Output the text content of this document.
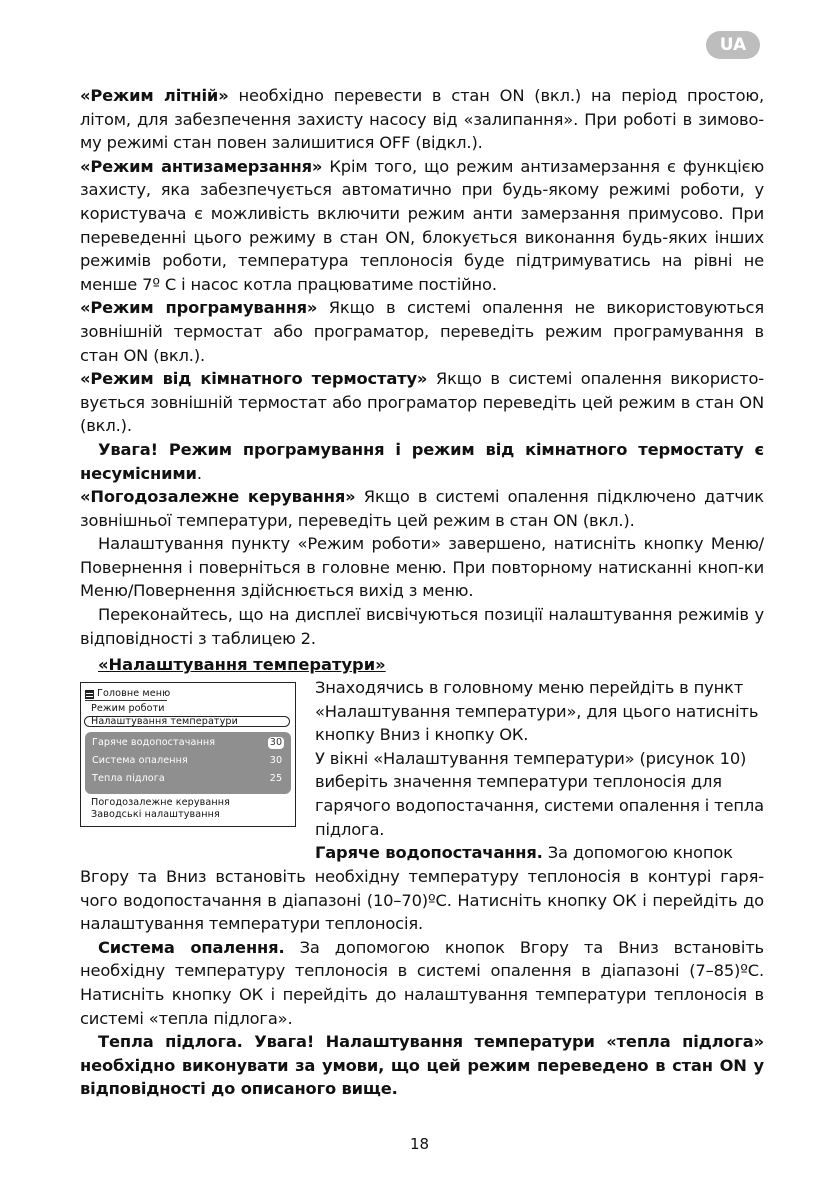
UA

«Режим літній» необхідно перевести в стан ON (вкл.) на період простою, літом, для забезпечення захисту насосу від «залипання». При роботі в зимово-му режимі стан повен залишитися OFF (відкл.).

«Режим антизамерзання» Крім того, що режим антизамерзання є функцією захисту, яка забезпечується автоматично при будь-якому режимі роботи, у користувача є можливість включити режим анти замерзання примусово. При переведенні цього режиму в стан ON, блокується виконання будь-яких інших режимів роботи, температура теплоносія буде підтримуватись на рівні не менше 7º С і насос котла працюватиме постійно.

«Режим програмування» Якщо в системі опалення не використовуються зовнішній термостат або програматор, переведіть режим програмування в стан ON (вкл.).

«Режим від кімнатного термостату» Якщо в системі опалення використо-вується зовнішній термостат або програматор переведіть цей режим в стан ON (вкл.).

Увага! Режим програмування і режим від кімнатного термостату є несумісними.

«Погодозалежне керування» Якщо в системі опалення підключено датчик зовнішньої температури, переведіть цей режим в стан ON (вкл.).

Налаштування пункту «Режим роботи» завершено, натисніть кнопку Меню/Повернення і поверніться в головне меню. При повторному натисканні кноп-ки Меню/Повернення здійснюється вихід з меню.

Переконайтесь, що на дисплеї висвічуються позиції налаштування режимів у відповідності з таблицею 2.

«Налаштування температури»
Головне меню
Режим роботи
Налаштування температури
Гаряче водопостачання	30
Система опалення	30
Тепла підлога	25
Погодозалежне керування
Заводські налаштування

Знаходячись в головному меню перейдіть в пункт «Налаштування температури», для цього натисніть кнопку Вниз і кнопку ОК.

У вікні «Налаштування температури» (рисунок 10) виберіть значення температури теплоносія для гарячого водопостачання, системи опалення і тепла підлога.

Гаряче водопостачання. За допомогою кнопок

Вгору та Вниз встановіть необхідну температуру теплоносія в контурі гаря-чого водопостачання в діапазоні (10–70)ºС. Натисніть кнопку ОК і перейдіть до налаштування температури теплоносія.

Система опалення. За допомогою кнопок Вгору та Вниз встановіть необхідну температуру теплоносія в системі опалення в діапазоні (7–85)ºС. Натисніть кнопку ОК і перейдіть до налаштування температури теплоносія в системі «тепла підлога».

Тепла підлога. Увага! Налаштування температури «тепла підлога» необхідно виконувати за умови, що цей режим переведено в стан ON у відповідності до описаного вище.

18
